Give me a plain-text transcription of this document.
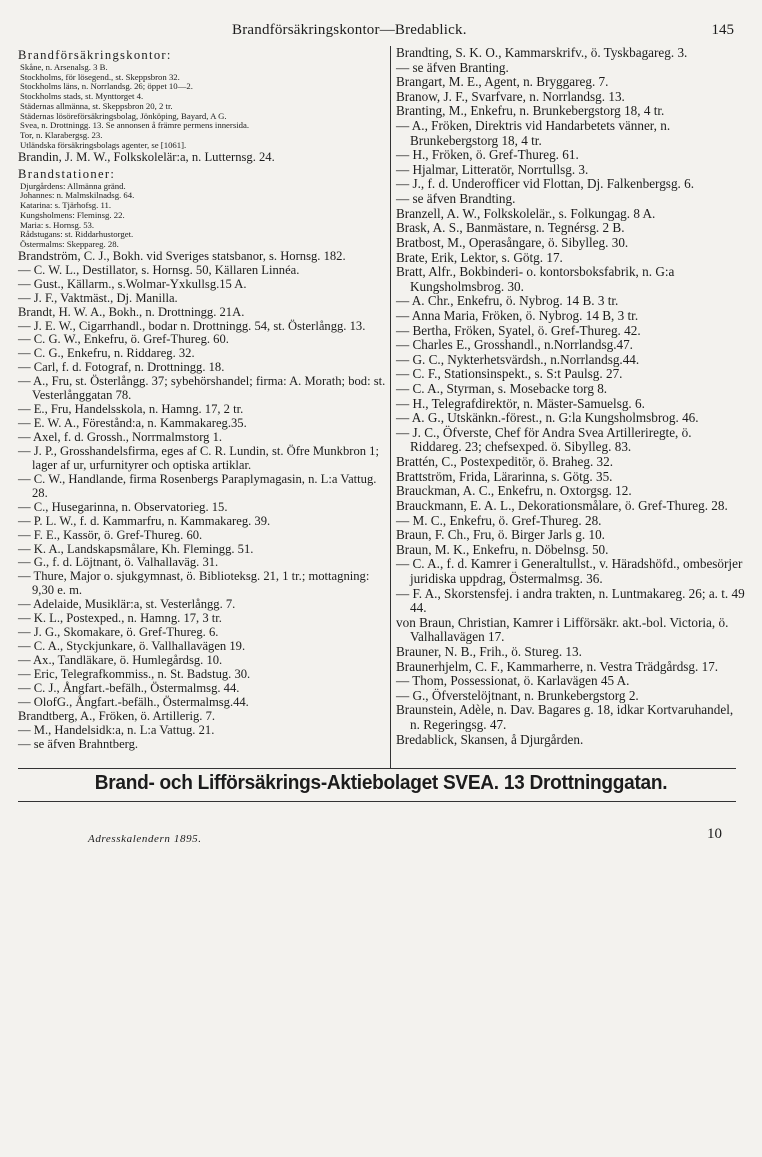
Brandförsäkringskontor—Bredablick.	145

Brandförsäkringskontor:

Skåne, n. Arsenalsg. 3 B.

Stockholms, för lösegend., st. Skeppsbron 32.

Stockholms läns, n. Norrlandsg. 26; öppet 10—2.

Stockholms stads, st. Mynttorget 4.

Städernas allmänna, st. Skeppsbron 20, 2 tr.

Städernas lösöreförsäkringsbolag, Jönköping, Bayard, A G.

Svea, n. Drottningg. 13. Se annonsen å främre permens innersida.

Tor, n. Klarabergsg. 23.

Utländska försäkringsbolags agenter, se [1061].

Brandin, J. M. W., Folkskolelär:a, n. Lutternsg. 24.

Brandstationer:

Djurgårdens: Allmänna gränd.

Johannes: n. Malmskilnadsg. 64.

Katarina: s. Tjärhofsg. 11.

Kungsholmens: Fleminsg. 22.

Maria: s. Hornsg. 53.

Rådstugans: st. Riddarhustorget.

Östermalms: Skeppareg. 28.

Brandström, C. J., Bokh. vid Sveriges statsbanor, s. Hornsg. 182.

— C. W. L., Destillator, s. Hornsg. 50, Källaren Linnéa.

— Gust., Källarm., s.Wolmar-Yxkullsg.15 A.

— J. F., Vaktmäst., Dj. Manilla.

Brandt, H. W. A., Bokh., n. Drottningg. 21A.

— J. E. W., Cigarrhandl., bodar n. Drottningg. 54, st. Österlångg. 13.

— C. G. W., Enkefru, ö. Gref-Thureg. 60.

— C. G., Enkefru, n. Riddareg. 32.

— Carl, f. d. Fotograf, n. Drottningg. 18.

— A., Fru, st. Österlångg. 37; sybehörshandel; firma: A. Morath; bod: st. Vesterlånggatan 78.

— E., Fru, Handelsskola, n. Hamng. 17, 2 tr.

— E. W. A., Förestånd:a, n. Kammakareg.35.

— Axel, f. d. Grossh., Norrmalmstorg 1.

— J. P., Grosshandelsfirma, eges af C. R. Lundin, st. Öfre Munkbron 1; lager af ur, urfurnityrer och optiska artiklar.

— C. W., Handlande, firma Rosenbergs Paraplymagasin, n. L:a Vattug. 28.

— C., Husegarinna, n. Observatorieg. 15.

— P. L. W., f. d. Kammarfru, n. Kammakareg. 39.

— F. E., Kassör, ö. Gref-Thureg. 60.

— K. A., Landskapsmålare, Kh. Flemingg. 51.

— G., f. d. Löjtnant, ö. Valhallaväg. 31.

— Thure, Major o. sjukgymnast, ö. Biblioteksg. 21, 1 tr.; mottagning: 9,30 e. m.

— Adelaide, Musiklär:a, st. Vesterlångg. 7.

— K. L., Postexped., n. Hamng. 17, 3 tr.

— J. G., Skomakare, ö. Gref-Thureg. 6.

— C. A., Styckjunkare, ö. Vallhallavägen 19.

— Ax., Tandläkare, ö. Humlegårdsg. 10.

— Eric, Telegrafkommiss., n. St. Badstug. 30.

— C. J., Ångfart.-befälh., Östermalmsg. 44.

— OlofG., Ångfart.-befälh., Östermalmsg.44.

Brandtberg, A., Fröken, ö. Artillerig. 7.

— M., Handelsidk:a, n. L:a Vattug. 21.

— se äfven Brahntberg.

Brandting, S. K. O., Kammarskrifv., ö. Tyskbagareg. 3.

— se äfven Branting.

Brangart, M. E., Agent, n. Bryggareg. 7.

Branow, J. F., Svarfvare, n. Norrlandsg. 13.

Branting, M., Enkefru, n. Brunkebergstorg 18, 4 tr.

— A., Fröken, Direktris vid Handarbetets vänner, n. Brunkebergstorg 18, 4 tr.

— H., Fröken, ö. Gref-Thureg. 61.

— Hjalmar, Litteratör, Norrtullsg. 3.

— J., f. d. Underofficer vid Flottan, Dj. Falkenbergsg. 6.

— se äfven Brandting.

Branzell, A. W., Folkskolelär., s. Folkungag. 8 A.

Brask, A. S., Banmästare, n. Tegnérsg. 2 B.

Bratbost, M., Operasångare, ö. Sibylleg. 30.

Brate, Erik, Lektor, s. Götg. 17.

Bratt, Alfr., Bokbinderi- o. kontorsboksfabrik, n. G:a Kungsholmsbrog. 30.

— A. Chr., Enkefru, ö. Nybrog. 14 B. 3 tr.

— Anna Maria, Fröken, ö. Nybrog. 14 B, 3 tr.

— Bertha, Fröken, Syatel, ö. Gref-Thureg. 42.

— Charles E., Grosshandl., n.Norrlandsg.47.

— G. C., Nykterhetsvärdsh., n.Norrlandsg.44.

— C. F., Stationsinspekt., s. S:t Paulsg. 27.

— C. A., Styrman, s. Mosebacke torg 8.

— H., Telegrafdirektör, n. Mäster-Samuelsg. 6.

— A. G., Utskänkn.-förest., n. G:la Kungsholmsbrog. 46.

— J. C., Öfverste, Chef för Andra Svea Artilleriregte, ö. Riddareg. 23; chefsexped. ö. Sibylleg. 83.

Brattén, C., Postexpeditör, ö. Braheg. 32.

Brattström, Frida, Lärarinna, s. Götg. 35.

Brauckman, A. C., Enkefru, n. Oxtorgsg. 12.

Brauckmann, E. A. L., Dekorationsmålare, ö. Gref-Thureg. 28.

— M. C., Enkefru, ö. Gref-Thureg. 28.

Braun, F. Ch., Fru, ö. Birger Jarls g. 10.

Braun, M. K., Enkefru, n. Döbelnsg. 50.

— C. A., f. d. Kamrer i Generaltullst., v. Häradshöfd., ombesörjer juridiska uppdrag, Östermalmsg. 36.

— F. A., Skorstensfej. i andra trakten, n. Luntmakareg. 26; a. t. 49 44.

von Braun, Christian, Kamrer i Lifförsäkr. akt.-bol. Victoria, ö. Valhallavägen 17.

Brauner, N. B., Frih., ö. Stureg. 13.

Braunerhjelm, C. F., Kammarherre, n. Vestra Trädgårdsg. 17.

— Thom, Possessionat, ö. Karlavägen 45 A.

— G., Öfverstelöjtnant, n. Brunkebergstorg 2.

Braunstein, Adèle, n. Dav. Bagares g. 18, idkar Kortvaruhandel, n. Regeringsg. 47.

Bredablick, Skansen, å Djurgården.

Brand- och Lifförsäkrings-Aktiebolaget SVEA. 13 Drottninggatan.
Adresskalendern 1895.	10
